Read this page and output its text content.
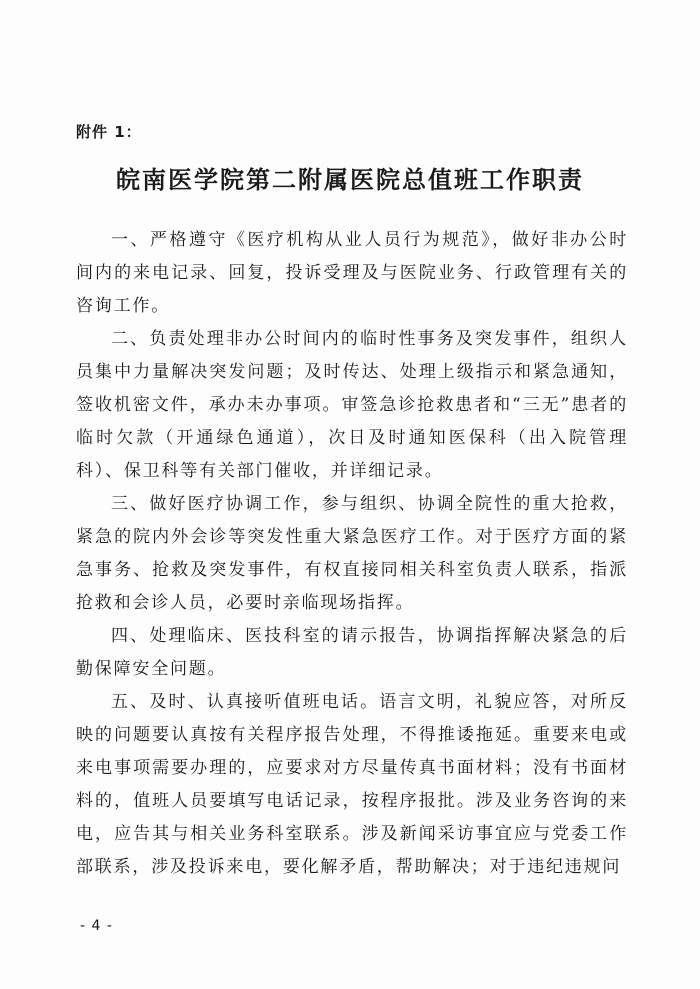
附件 1：
皖南医学院第二附属医院总值班工作职责

一、严格遵守《医疗机构从业人员行为规范》，做好非办公时间内的来电记录、回复，投诉受理及与医院业务、行政管理有关的咨询工作。

二、负责处理非办公时间内的临时性事务及突发事件，组织人员集中力量解决突发问题；及时传达、处理上级指示和紧急通知，签收机密文件，承办未办事项。审签急诊抢救患者和“三无”患者的临时欠款（开通绿色通道），次日及时通知医保科（出入院管理科）、保卫科等有关部门催收，并详细记录。

三、做好医疗协调工作，参与组织、协调全院性的重大抢救，紧急的院内外会诊等突发性重大紧急医疗工作。对于医疗方面的紧急事务、抢救及突发事件，有权直接同相关科室负责人联系，指派抢救和会诊人员，必要时亲临现场指挥。

四、处理临床、医技科室的请示报告，协调指挥解决紧急的后勤保障安全问题。

五、及时、认真接听值班电话。语言文明，礼貌应答，对所反映的问题要认真按有关程序报告处理，不得推诿拖延。重要来电或来电事项需要办理的，应要求对方尽量传真书面材料；没有书面材料的，值班人员要填写电话记录，按程序报批。涉及业务咨询的来电，应告其与相关业务科室联系。涉及新闻采访事宜应与党委工作部联系，涉及投诉来电，要化解矛盾，帮助解决；对于违纪违规问

- 4 -
